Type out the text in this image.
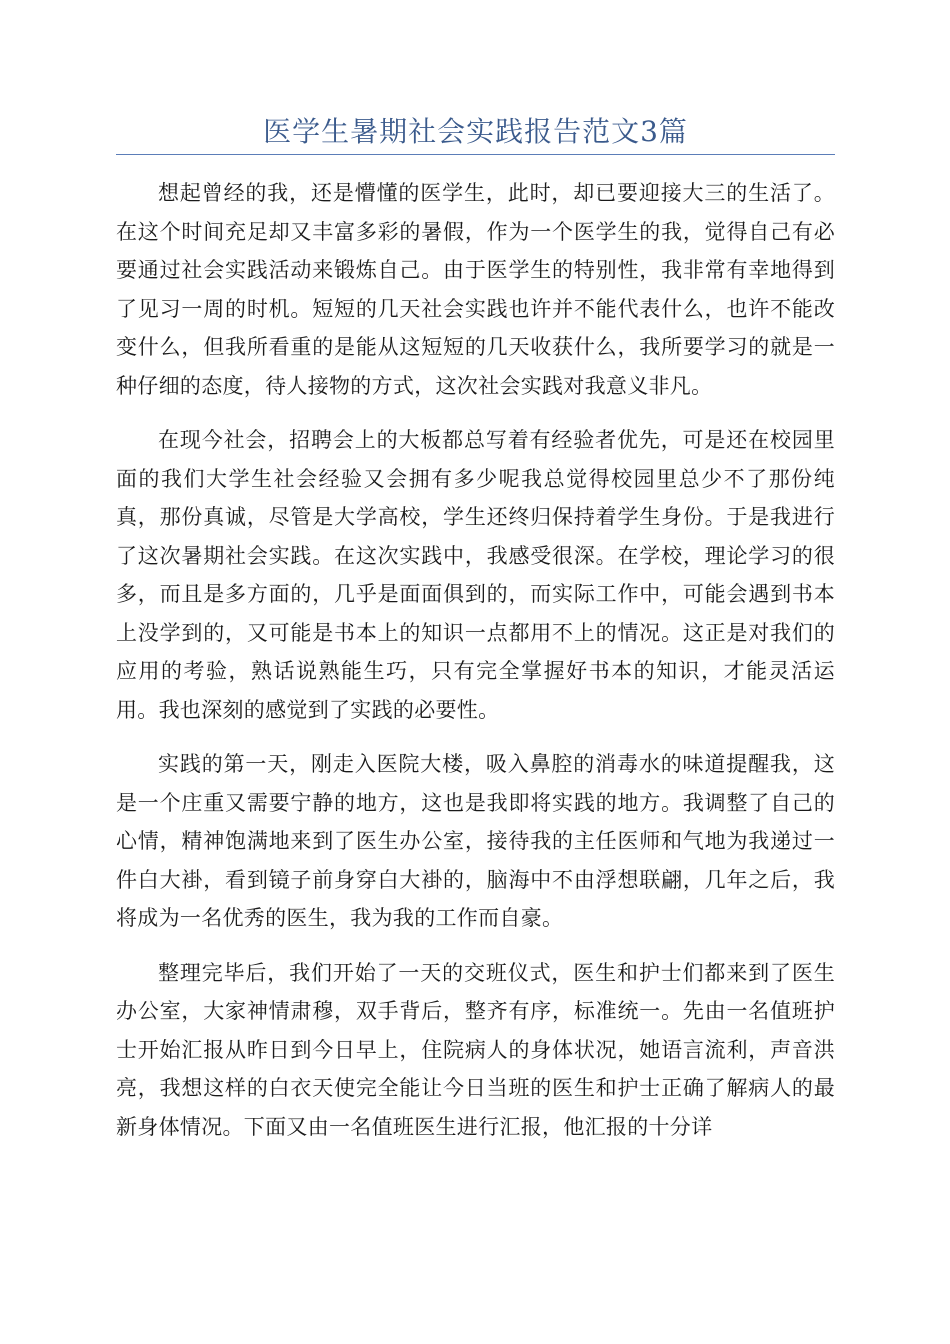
医学生暑期社会实践报告范文3篇

想起曾经的我，还是懵懂的医学生，此时，却已要迎接大三的生活了。在这个时间充足却又丰富多彩的暑假，作为一个医学生的我，觉得自己有必要通过社会实践活动来锻炼自己。由于医学生的特别性，我非常有幸地得到了见习一周的时机。短短的几天社会实践也许并不能代表什么，也许不能改变什么，但我所看重的是能从这短短的几天收获什么，我所要学习的就是一种仔细的态度，待人接物的方式，这次社会实践对我意义非凡。

在现今社会，招聘会上的大板都总写着有经验者优先，可是还在校园里面的我们大学生社会经验又会拥有多少呢我总觉得校园里总少不了那份纯真，那份真诚，尽管是大学高校，学生还终归保持着学生身份。于是我进行了这次暑期社会实践。在这次实践中，我感受很深。在学校，理论学习的很多，而且是多方面的，几乎是面面俱到的，而实际工作中，可能会遇到书本上没学到的，又可能是书本上的知识一点都用不上的情况。这正是对我们的应用的考验，熟话说熟能生巧，只有完全掌握好书本的知识，才能灵活运用。我也深刻的感觉到了实践的必要性。

实践的第一天，刚走入医院大楼，吸入鼻腔的消毒水的味道提醒我，这是一个庄重又需要宁静的地方，这也是我即将实践的地方。我调整了自己的心情，精神饱满地来到了医生办公室，接待我的主任医师和气地为我递过一件白大褂，看到镜子前身穿白大褂的，脑海中不由浮想联翩，几年之后，我将成为一名优秀的医生，我为我的工作而自豪。

整理完毕后，我们开始了一天的交班仪式，医生和护士们都来到了医生办公室，大家神情肃穆，双手背后，整齐有序，标准统一。先由一名值班护士开始汇报从昨日到今日早上，住院病人的身体状况，她语言流利，声音洪亮，我想这样的白衣天使完全能让今日当班的医生和护士正确了解病人的最新身体情况。下面又由一名值班医生进行汇报，他汇报的十分详
